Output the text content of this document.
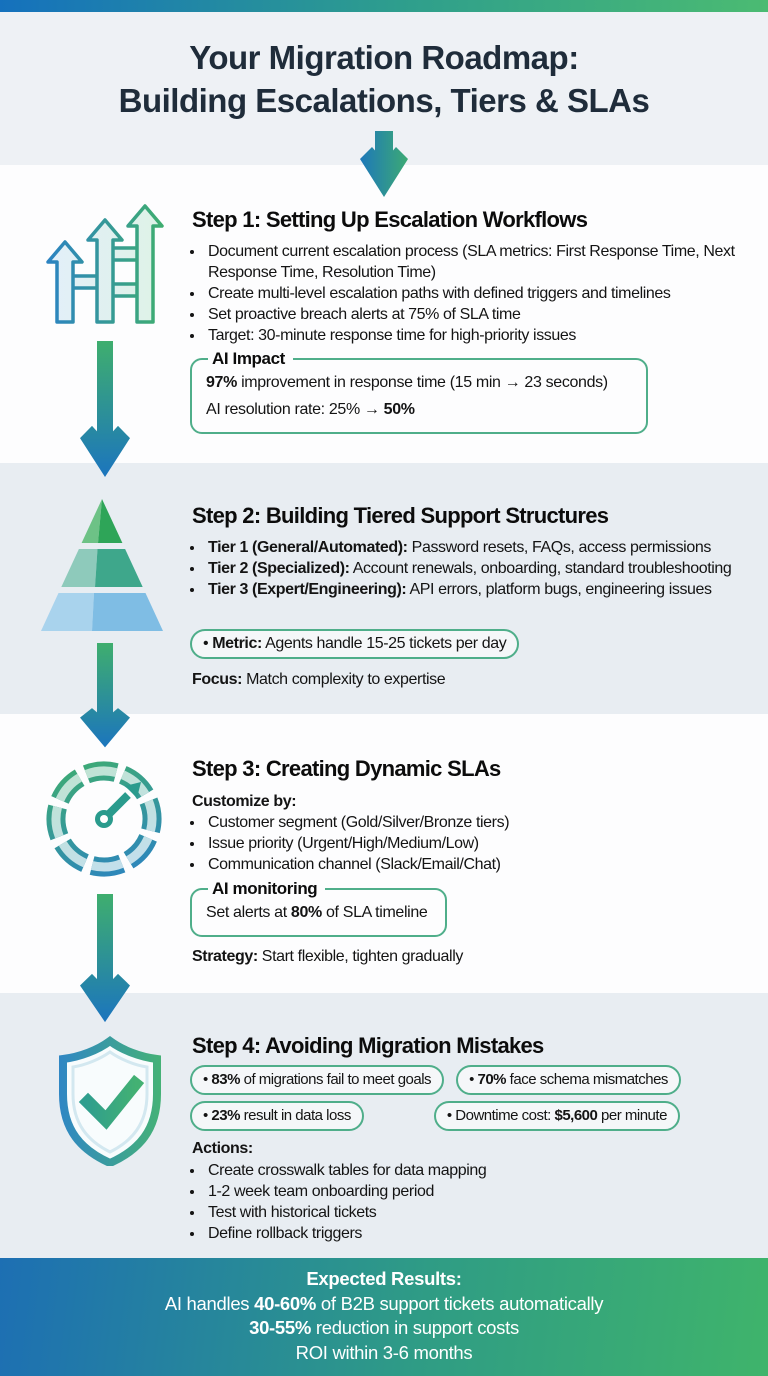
Your Migration Roadmap:
Building Escalations, Tiers & SLAs
Step 1: Setting Up Escalation Workflows
• Document current escalation process (SLA metrics: First Response Time, Next Response Time, Resolution Time)
• Create multi-level escalation paths with defined triggers and timelines
• Set proactive breach alerts at 75% of SLA time
• Target: 30-minute response time for high-priority issues
AI Impact
97% improvement in response time (15 min → 23 seconds)
AI resolution rate: 25% → 50%
Step 2: Building Tiered Support Structures
• Tier 1 (General/Automated): Password resets, FAQs, access permissions
• Tier 2 (Specialized): Account renewals, onboarding, standard troubleshooting
• Tier 3 (Expert/Engineering): API errors, platform bugs, engineering issues
• Metric: Agents handle 15-25 tickets per day
Focus: Match complexity to expertise
Step 3: Creating Dynamic SLAs
Customize by:
• Customer segment (Gold/Silver/Bronze tiers)
• Issue priority (Urgent/High/Medium/Low)
• Communication channel (Slack/Email/Chat)
AI monitoring
Set alerts at 80% of SLA timeline
Strategy: Start flexible, tighten gradually
Step 4: Avoiding Migration Mistakes
• 83% of migrations fail to meet goals	• 70% face schema mismatches
• 23% result in data loss	• Downtime cost: $5,600 per minute
Actions:
• Create crosswalk tables for data mapping
• 1-2 week team onboarding period
• Test with historical tickets
• Define rollback triggers
Expected Results:
AI handles 40-60% of B2B support tickets automatically
30-55% reduction in support costs
ROI within 3-6 months
